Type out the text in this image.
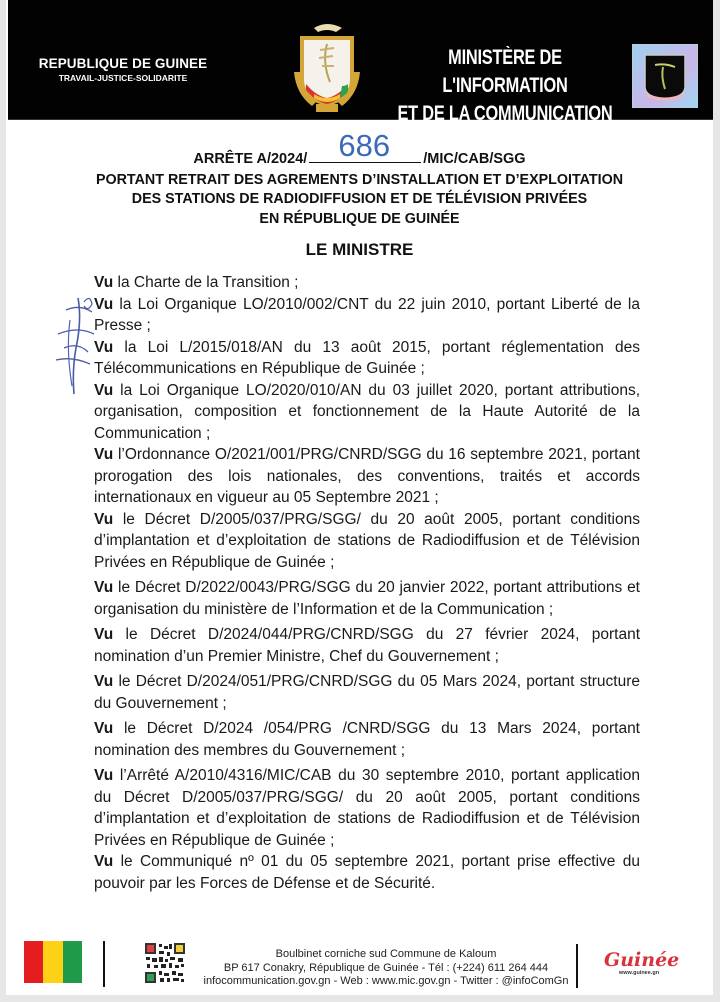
REPUBLIQUE DE GUINEE
TRAVAIL-JUSTICE-SOLIDARITE
MINISTÈRE DE L'INFORMATION
ET DE LA COMMUNICATION
ARRÊTE A/2024/	686	/MIC/CAB/SGG
PORTANT RETRAIT DES AGREMENTS D’INSTALLATION ET D’EXPLOITATION
DES STATIONS DE RADIODIFFUSION ET DE TÉLÉVISION PRIVÉES
EN RÉPUBLIQUE DE GUINÉE
LE MINISTRE
Vu la Charte de la Transition ;
Vu la Loi Organique LO/2010/002/CNT du 22 juin 2010, portant Liberté de la Presse ;
Vu la Loi L/2015/018/AN du 13 août 2015, portant réglementation des Télécommunications en République de Guinée ;
Vu la Loi Organique LO/2020/010/AN du 03 juillet 2020, portant attributions, organisation, composition et fonctionnement de la Haute Autorité de la Communication ;
Vu l’Ordonnance O/2021/001/PRG/CNRD/SGG du 16 septembre 2021, portant prorogation des lois nationales, des conventions, traités et accords internationaux en vigueur au 05 Septembre 2021 ;
Vu le Décret D/2005/037/PRG/SGG/ du 20 août 2005, portant conditions d’implantation et d’exploitation de stations de Radiodiffusion et de Télévision Privées en République de Guinée ;
Vu le Décret D/2022/0043/PRG/SGG du 20 janvier 2022, portant attributions et organisation du ministère de l’Information et de la Communication ;
Vu le Décret D/2024/044/PRG/CNRD/SGG du 27 février 2024, portant nomination d’un Premier Ministre, Chef du Gouvernement ;
Vu le Décret D/2024/051/PRG/CNRD/SGG du 05 Mars 2024, portant structure du Gouvernement ;
Vu le Décret D/2024 /054/PRG /CNRD/SGG du 13 Mars 2024, portant nomination des membres du Gouvernement ;
Vu l’Arrêté A/2010/4316/MIC/CAB du 30 septembre 2010, portant application du Décret D/2005/037/PRG/SGG/ du 20 août 2005, portant conditions d’implantation et d’exploitation de stations de Radiodiffusion et de Télévision Privées en République de Guinée ;
Vu le Communiqué nº 01 du 05 septembre 2021, portant prise effective du pouvoir par les Forces de Défense et de Sécurité.
Boulbinet corniche sud Commune de Kaloum
BP 617 Conakry, République de Guinée - Tél : (+224) 611 264 444
infocommunication.gov.gn - Web : www.mic.gov.gn - Twitter : @infoComGn
Guinée
www.guinee.gn
